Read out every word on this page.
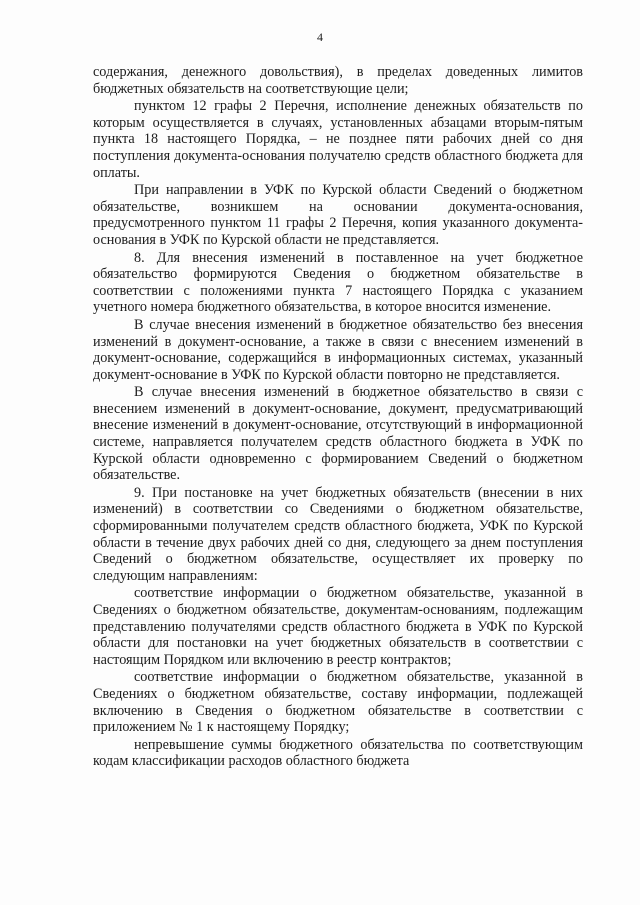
4

содержания, денежного довольствия), в пределах доведенных лимитов бюджетных обязательств на соответствующие цели;

пунктом 12 графы 2 Перечня, исполнение денежных обязательств по которым осуществляется в случаях, установленных абзацами вторым-пятым пункта 18 настоящего Порядка, – не позднее пяти рабочих дней со дня поступления документа-основания получателю средств областного бюджета для оплаты.

При направлении в УФК по Курской области Сведений о бюджетном обязательстве, возникшем на основании документа-основания, предусмотренного пунктом 11 графы 2 Перечня, копия указанного документа-основания в УФК по Курской области не представляется.

8. Для внесения изменений в поставленное на учет бюджетное обязательство формируются Сведения о бюджетном обязательстве в соответствии с положениями пункта 7 настоящего Порядка с указанием учетного номера бюджетного обязательства, в которое вносится изменение.

В случае внесения изменений в бюджетное обязательство без внесения изменений в документ-основание, а также в связи с внесением изменений в документ-основание, содержащийся в информационных системах, указанный документ-основание в УФК по Курской области повторно не представляется.

В случае внесения изменений в бюджетное обязательство в связи с внесением изменений в документ-основание, документ, предусматривающий внесение изменений в документ-основание, отсутствующий в информационной системе, направляется получателем средств областного бюджета в УФК по Курской области одновременно с формированием Сведений о бюджетном обязательстве.

9. При постановке на учет бюджетных обязательств (внесении в них изменений) в соответствии со Сведениями о бюджетном обязательстве, сформированными получателем средств областного бюджета, УФК по Курской области в течение двух рабочих дней со дня, следующего за днем поступления Сведений о бюджетном обязательстве, осуществляет их проверку по следующим направлениям:

соответствие информации о бюджетном обязательстве, указанной в Сведениях о бюджетном обязательстве, документам-основаниям, подлежащим представлению получателями средств областного бюджета в УФК по Курской области для постановки на учет бюджетных обязательств в соответствии с настоящим Порядком или включению в реестр контрактов;

соответствие информации о бюджетном обязательстве, указанной в Сведениях о бюджетном обязательстве, составу информации, подлежащей включению в Сведения о бюджетном обязательстве в соответствии с приложением № 1 к настоящему Порядку;

непревышение суммы бюджетного обязательства по соответствующим кодам классификации расходов областного бюджета
